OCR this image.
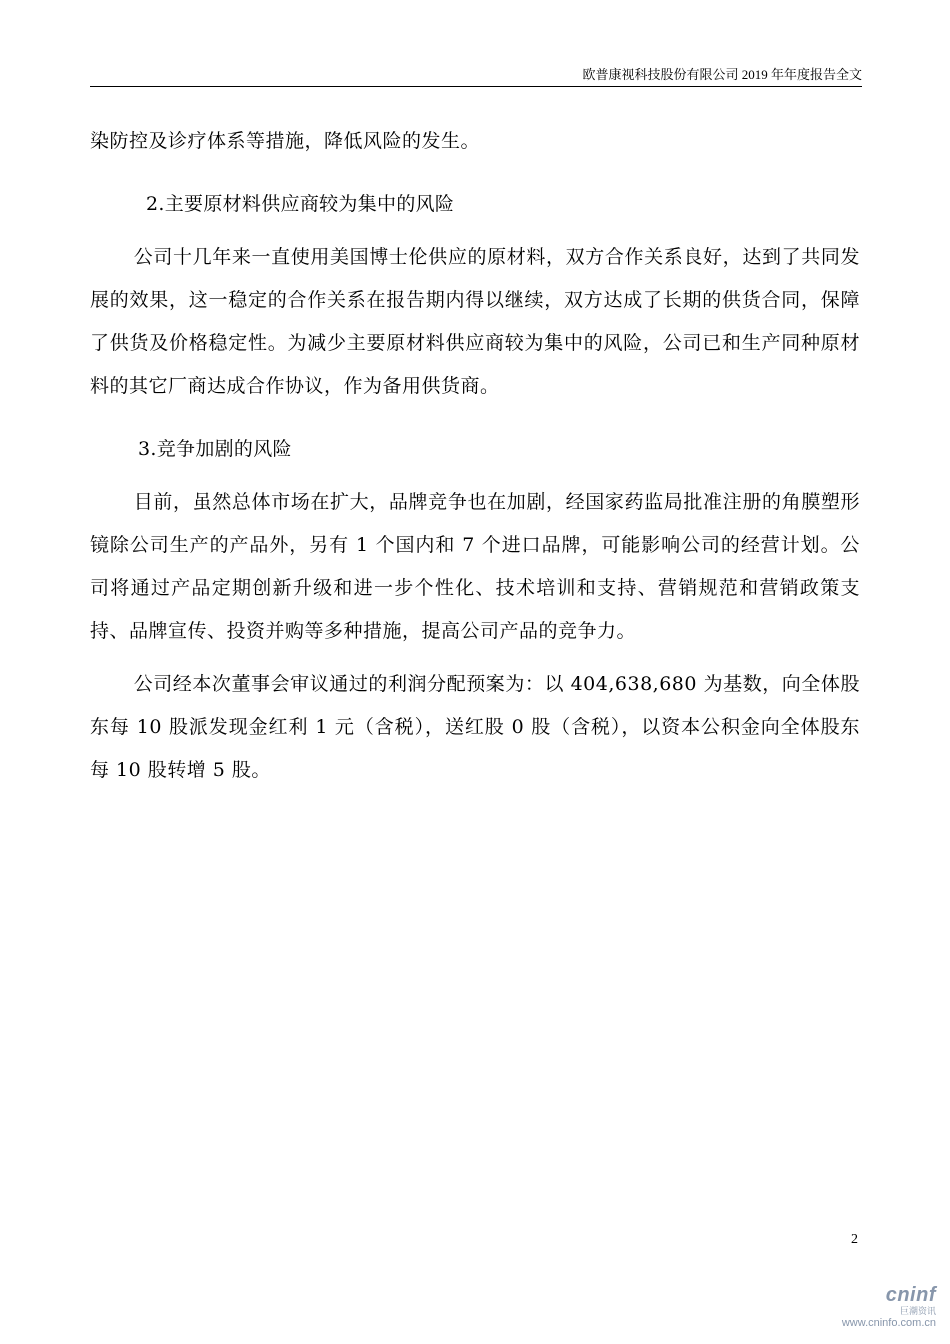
欧普康视科技股份有限公司 2019 年年度报告全文

染防控及诊疗体系等措施，降低风险的发生。

2.主要原材料供应商较为集中的风险

公司十几年来一直使用美国博士伦供应的原材料，双方合作关系良好，达到了共同发展的效果，这一稳定的合作关系在报告期内得以继续，双方达成了长期的供货合同，保障了供货及价格稳定性。为减少主要原材料供应商较为集中的风险，公司已和生产同种原材料的其它厂商达成合作协议，作为备用供货商。

3.竞争加剧的风险

目前，虽然总体市场在扩大，品牌竞争也在加剧，经国家药监局批准注册的角膜塑形镜除公司生产的产品外，另有 1 个国内和 7 个进口品牌，可能影响公司的经营计划。公司将通过产品定期创新升级和进一步个性化、技术培训和支持、营销规范和营销政策支持、品牌宣传、投资并购等多种措施，提高公司产品的竞争力。

公司经本次董事会审议通过的利润分配预案为：以 404,638,680 为基数，向全体股东每 10 股派发现金红利 1 元（含税），送红股 0 股（含税），以资本公积金向全体股东每 10 股转增 5 股。

2
cninf
巨潮资讯
www.cninfo.com.cn
